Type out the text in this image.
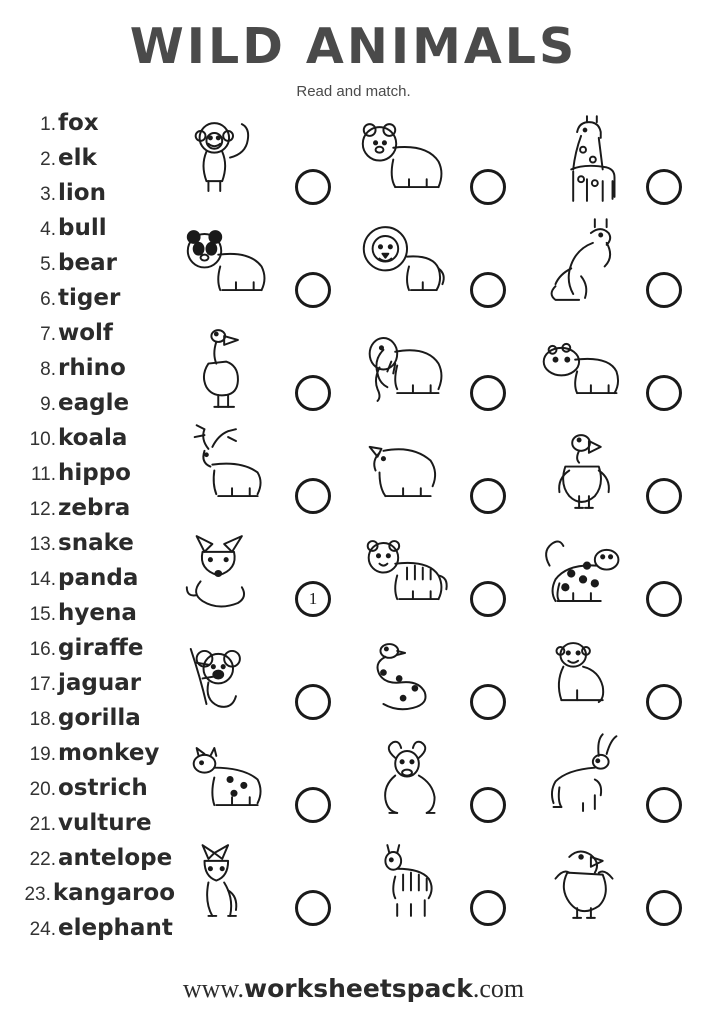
WILD ANIMALS
Read and match.
1. fox
2. elk
3. lion
4. bull
5. bear
6. tiger
7. wolf
8. rhino
9. eagle
10. koala
11. hippo
12. zebra
13. snake
14. panda
15. hyena
16. giraffe
17. jaguar
18. gorilla
19. monkey
20. ostrich
21. vulture
22. antelope
23. kangaroo
24. elephant
1
www.worksheetspack.com
